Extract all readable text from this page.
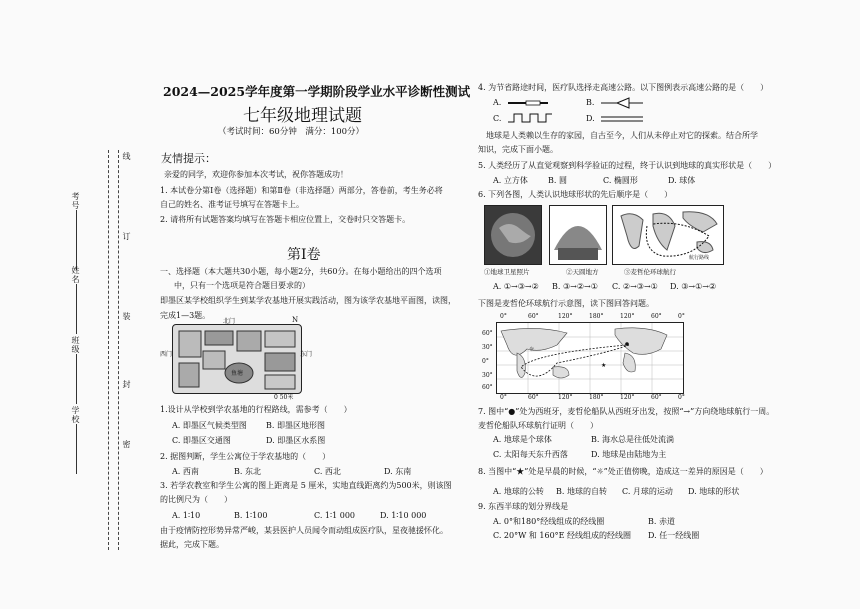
线
订
装
封
密
考号
姓名
班级
学校
2024—2025学年度第一学期阶段学业水平诊断性测试
七年级地理试题
（考试时间：60分钟　满分：100分）
友情提示：
亲爱的同学，欢迎你参加本次考试，祝你答题成功！
1. 本试卷分第Ⅰ卷（选择题）和第Ⅱ卷（非选择题）两部分，答卷前，考生务必将
自己的姓名、准考证号填写在答题卡上。
2. 请将所有试题答案均填写在答题卡相应位置上，交卷时只交答题卡。
第Ⅰ卷
一、选择题（本大题共30小题，每小题2分，共60分。在每小题给出的四个选项
中，只有一个选项是符合题目要求的）
即墨区某学校组织学生到某学农基地开展实践活动，图为该学农基地平面图，读图，
完成1—3题。
鱼塘
西门
北门
东门
0 50米
N
1.设计从学校到学农基地的行程路线，需参考（　　）
A. 即墨区气候类型图 B. 即墨区地形图
C. 即墨区交通图	D. 即墨区水系图
2. 据图判断，学生公寓位于学农基地的（　　）
A. 西南	B. 东北	C. 西北	D. 东南
3. 若学农教室和学生公寓的图上距离是 5 厘米，实地直线距离约为500米，则该图
的比例尺为（　　）
A. 1∶10	B. 1∶100	C. 1∶1 000	D. 1∶10 000
由于疫情防控形势异常严峻，某县医护人员闻令而动组成医疗队，星夜驰援怀化。
据此，完成下题。
4. 为节省路途时间，医疗队选择走高速公路。以下图例表示高速公路的是（　　）
A.	B.
C.	D.
　地球是人类赖以生存的家园，自古至今，人们从未停止对它的探索。结合所学
知识，完成下面小题。
5. 人类经历了从直觉观察到科学验证的过程，终于认识到地球的真实形状是（　　）
A. 立方体	B. 圆	C. 椭圆形	D. 球体
6. 下列各图，人类认识地球形状的先后顺序是（　　）
航行路线
①地球卫星照片	②天圆地方	③麦哲伦环球航行
A. ①→③→② B. ③→②→① C. ②→③→① D. ③→①→②
下图是麦哲伦环球航行示意图，读下图回答问题。
★
☼
0°	60°	120°	180°	120°	60°	0°
0°	60°	120°	180°	120°	60°	0°
60°
30°
0°
30°
60°
7. 图中“●”处为西班牙，麦哲伦船队从西班牙出发，按照“→”方向绕地球航行一周。
麦哲伦船队环球航行证明（　　）
A. 地球是个球体	B. 海水总是往低处流淌
C. 太阳每天东升西落	D. 地球是由陆地为主
8. 当图中“★”处是早晨的时候，“☼”处正值傍晚，造成这一差异的原因是（　　）
A. 地球的公转 B. 地球的自转 C. 月球的运动 D. 地球的形状
9. 东西半球的划分界线是
A. 0°和180°经线组成的经线圈	B. 赤道
C. 20°W 和 160°E 经线组成的经线圈 D. 任一经线圈
